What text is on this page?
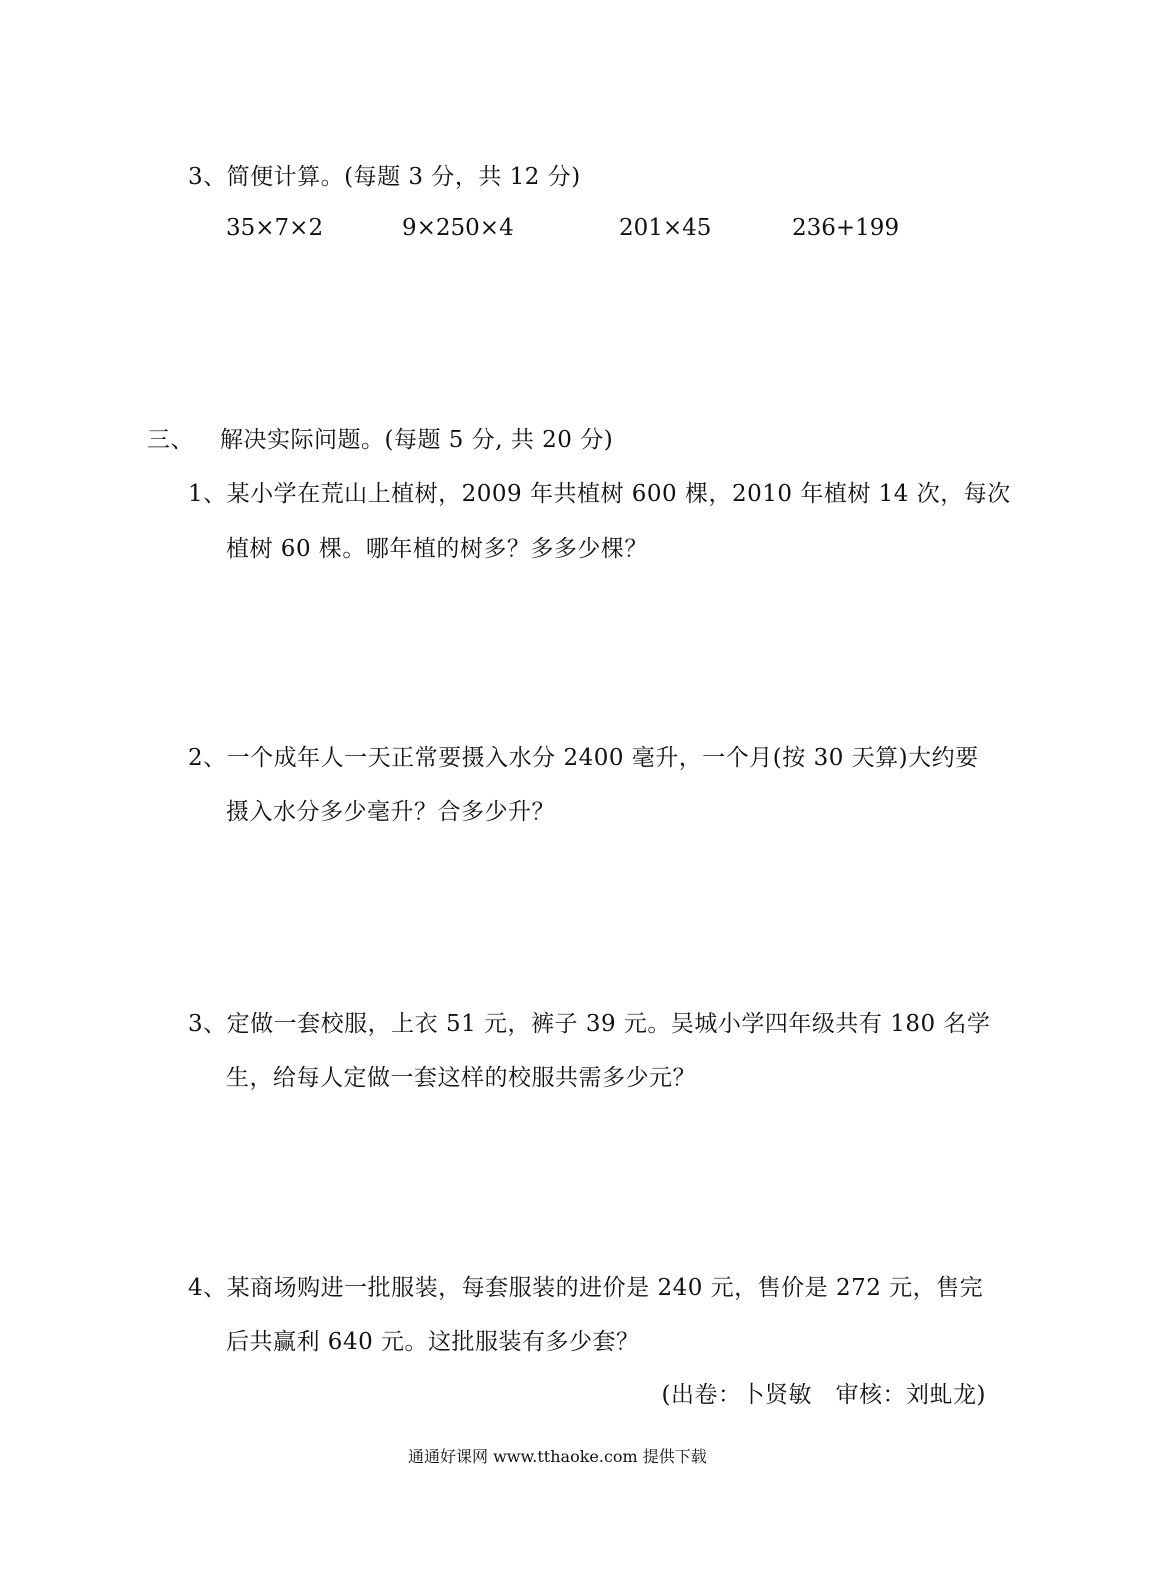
3、简便计算。(每题 3 分，共 12 分)
35×7×2	9×250×4	201×45	236+199
三、 解决实际问题。(每题 5 分, 共 20 分)
1、某小学在荒山上植树，2009 年共植树 600 棵，2010 年植树 14 次，每次
植树 60 棵。哪年植的树多？多多少棵？
2、一个成年人一天正常要摄入水分 2400 毫升，一个月(按 30 天算)大约要
摄入水分多少毫升？合多少升？
3、定做一套校服，上衣 51 元，裤子 39 元。吴城小学四年级共有 180 名学
生，给每人定做一套这样的校服共需多少元？
4、某商场购进一批服装，每套服装的进价是 240 元，售价是 272 元，售完
后共赢利 640 元。这批服装有多少套？
(出卷：卜贤敏　审核：刘虬龙)
通通好课网 www.tthaoke.com 提供下载
